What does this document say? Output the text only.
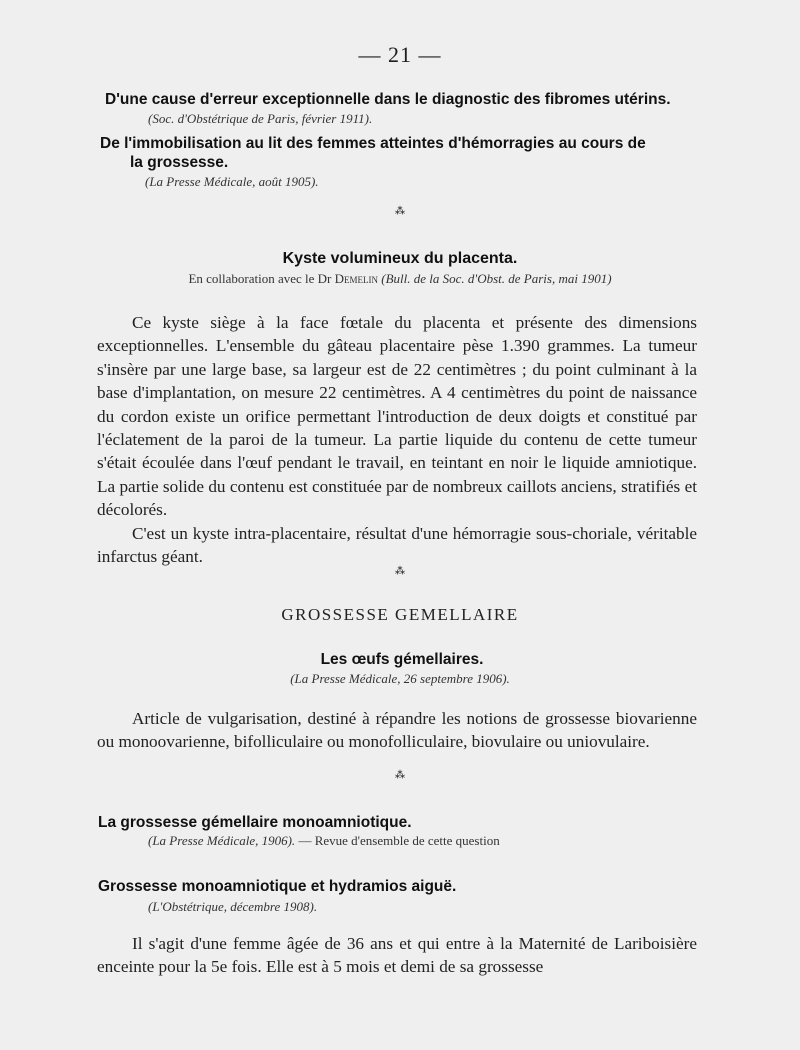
— 21 —
D'une cause d'erreur exceptionnelle dans le diagnostic des fibromes utérins.
(Soc. d'Obstétrique de Paris, février 1911).
De l'immobilisation au lit des femmes atteintes d'hémorragies au cours de
la grossesse.
(La Presse Médicale, août 1905).
⁂
Kyste volumineux du placenta.
En collaboration avec le Dr Demelin (Bull. de la Soc. d'Obst. de Paris, mai 1901)

Ce kyste siège à la face fœtale du placenta et présente des dimensions exceptionnelles. L'ensemble du gâteau placentaire pèse 1.390 grammes. La tumeur s'insère par une large base, sa largeur est de 22 centimètres ; du point culminant à la base d'implantation, on mesure 22 centimètres. A 4 centimètres du point de naissance du cordon existe un orifice permettant l'introduction de deux doigts et constitué par l'éclatement de la paroi de la tumeur. La partie liquide du contenu de cette tumeur s'était écoulée dans l'œuf pendant le travail, en teintant en noir le liquide amniotique. La partie solide du contenu est constituée par de nombreux caillots anciens, stratifiés et décolorés.

C'est un kyste intra-placentaire, résultat d'une hémorragie sous-choriale, véritable infarctus géant.

⁂
GROSSESSE GEMELLAIRE
Les œufs gémellaires.
(La Presse Médicale, 26 septembre 1906).

Article de vulgarisation, destiné à répandre les notions de grossesse biovarienne ou monoovarienne, bifolliculaire ou monofolliculaire, biovulaire ou uniovulaire.

⁂
La grossesse gémellaire monoamniotique.
(La Presse Médicale, 1906). — Revue d'ensemble de cette question
Grossesse monoamniotique et hydramios aiguë.
(L'Obstétrique, décembre 1908).

Il s'agit d'une femme âgée de 36 ans et qui entre à la Maternité de Lariboisière enceinte pour la 5e fois. Elle est à 5 mois et demi de sa grossesse
